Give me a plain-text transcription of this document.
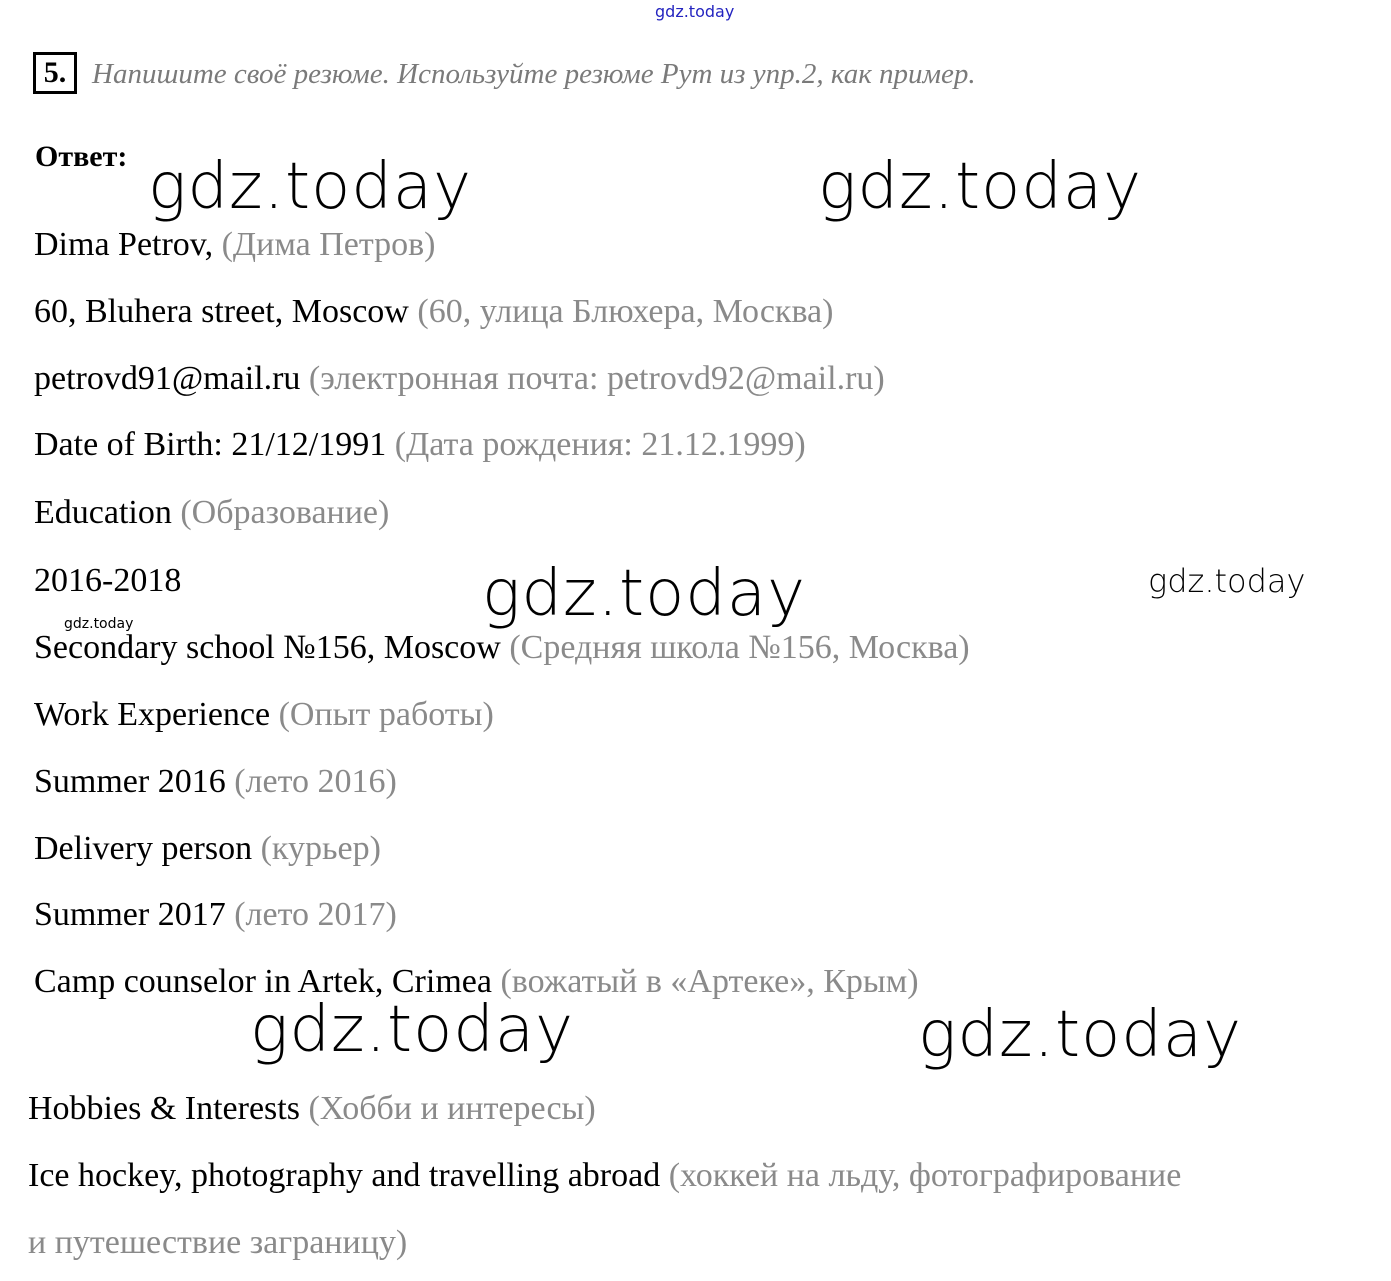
gdz.today
5. Напишите своё резюме. Используйте резюме Рут из упр.2, как пример.
Ответ:
Dima Petrov, (Дима Петров)
60, Bluhera street, Moscow (60, улица Блюхера, Москва)
petrovd91@mail.ru (электронная почта: petrovd92@mail.ru)
Date of Birth: 21/12/1991 (Дата рождения: 21.12.1999)
Education (Образование)
2016-2018
Secondary school №156, Moscow (Средняя школа №156, Москва)
Work Experience (Опыт работы)
Summer 2016 (лето 2016)
Delivery person (курьер)
Summer 2017 (лето 2017)
Camp counselor in Artek, Crimea (вожатый в «Артеке», Крым)
Hobbies & Interests (Хобби и интересы)
Ice hockey, photography and travelling abroad (хоккей на льду, фотографирование
и путешествие заграницу)
gdz.today	gdz.today
gdz.today	gdz.today
gdz.today
gdz.today	gdz.today
